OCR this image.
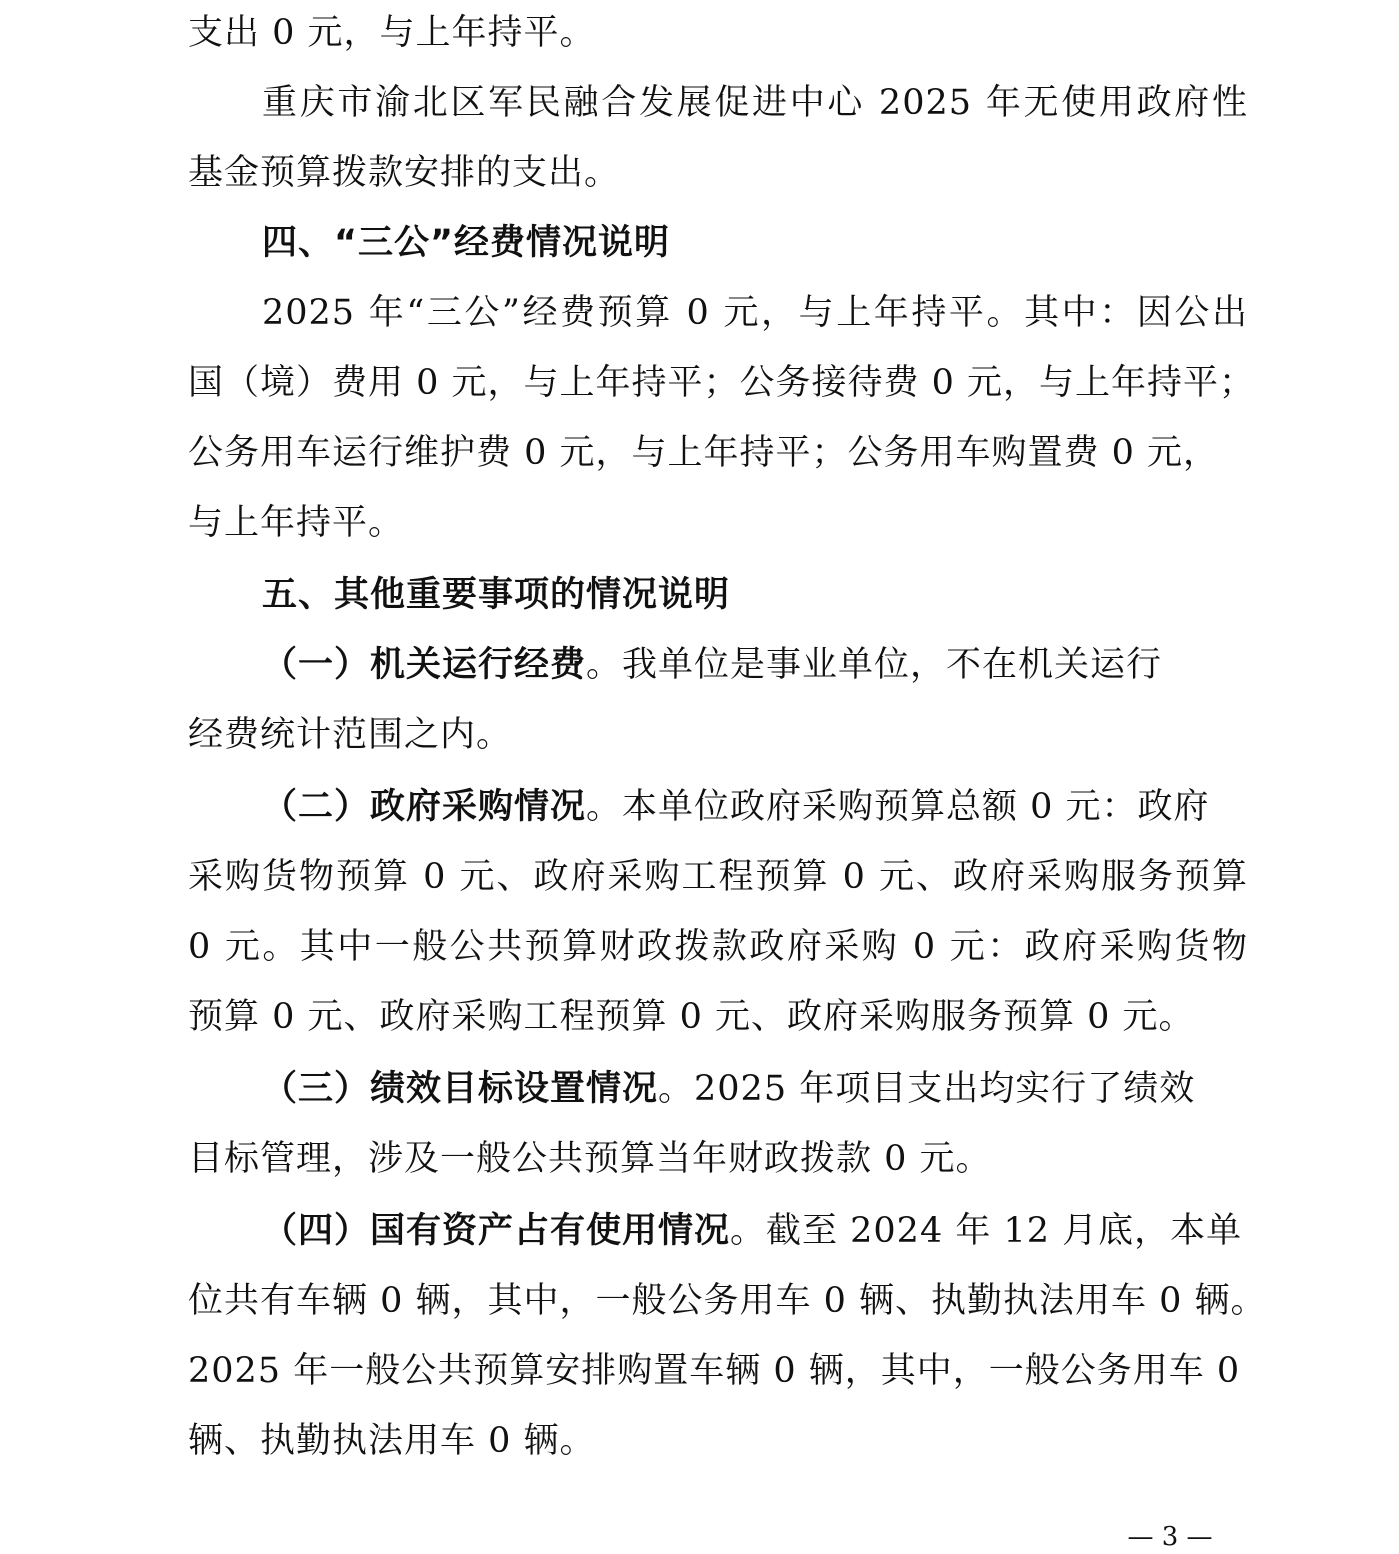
支出 0 元，与上年持平。
重庆市渝北区军民融合发展促进中心 2025 年无使用政府性
基金预算拨款安排的支出。
四、“三公”经费情况说明
2025 年“三公”经费预算 0 元，与上年持平。其中：因公出
国（境）费用 0 元，与上年持平；公务接待费 0 元，与上年持平；
公务用车运行维护费 0 元，与上年持平；公务用车购置费 0 元，
与上年持平。
五、其他重要事项的情况说明
（一）机关运行经费。我单位是事业单位，不在机关运行
经费统计范围之内。
（二）政府采购情况。本单位政府采购预算总额 0 元：政府
采购货物预算 0 元、政府采购工程预算 0 元、政府采购服务预算
0 元。其中一般公共预算财政拨款政府采购 0 元：政府采购货物
预算 0 元、政府采购工程预算 0 元、政府采购服务预算 0 元。
（三）绩效目标设置情况。2025 年项目支出均实行了绩效
目标管理，涉及一般公共预算当年财政拨款 0 元。
（四）国有资产占有使用情况。截至 2024 年 12 月底，本单
位共有车辆 0 辆，其中，一般公务用车 0 辆、执勤执法用车 0 辆。
2025 年一般公共预算安排购置车辆 0 辆，其中，一般公务用车 0
辆、执勤执法用车 0 辆。
— 3 —
